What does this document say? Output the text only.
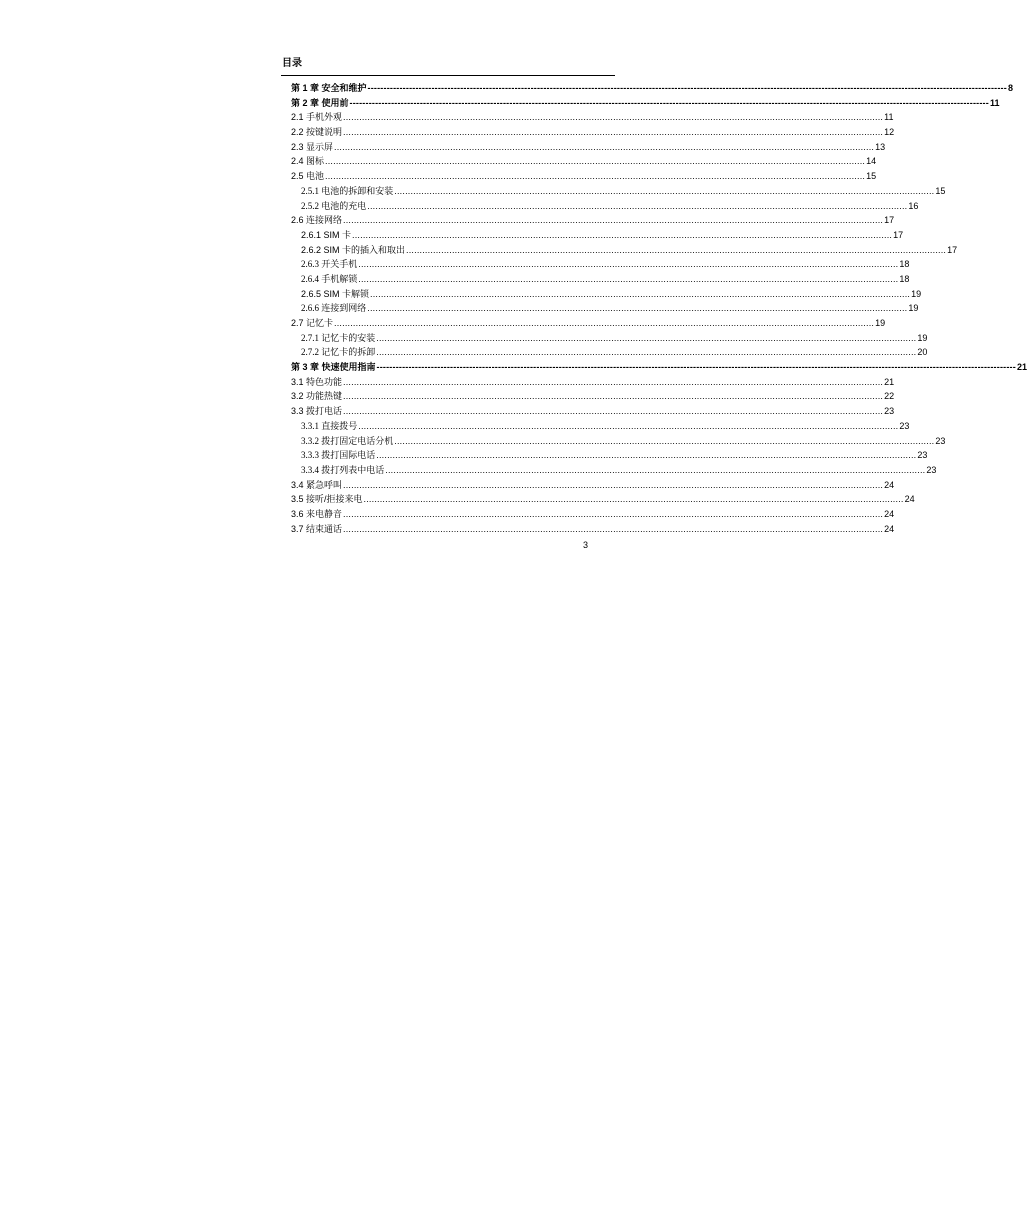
目录
第 1 章 安全和维护 -------------------------------------------------------------------------------------------------------------------------------------------------------------------------------------------------------- 8
第 2 章 使用前 -------------------------------------------------------------------------------------------------------------------------------------------------------------------------------------------------------- 11
2.1 手机外观 ........................................................................................................................................................................................................ 11
2.2 按键说明 ........................................................................................................................................................................................................ 12
2.3 显示屏 ........................................................................................................................................................................................................ 13
2.4 图标 ........................................................................................................................................................................................................ 14
2.5 电池 ........................................................................................................................................................................................................ 15
2.5.1 电池的拆卸和安装 ........................................................................................................................................................................................................ 15
2.5.2 电池的充电 ........................................................................................................................................................................................................ 16
2.6 连接网络 ........................................................................................................................................................................................................ 17
2.6.1 SIM 卡 ........................................................................................................................................................................................................ 17
2.6.2 SIM 卡的插入和取出 ........................................................................................................................................................................................................ 17
2.6.3 开关手机 ........................................................................................................................................................................................................ 18
2.6.4 手机解锁 ........................................................................................................................................................................................................ 18
2.6.5 SIM 卡解锁 ........................................................................................................................................................................................................ 19
2.6.6 连接到网络 ........................................................................................................................................................................................................ 19
2.7 记忆卡 ........................................................................................................................................................................................................ 19
2.7.1 记忆卡的安装 ........................................................................................................................................................................................................ 19
2.7.2 记忆卡的拆卸 ........................................................................................................................................................................................................ 20
第 3 章 快速使用指南 -------------------------------------------------------------------------------------------------------------------------------------------------------------------------------------------------------- 21
3.1 特色功能 ........................................................................................................................................................................................................ 21
3.2 功能热键 ........................................................................................................................................................................................................ 22
3.3 拨打电话 ........................................................................................................................................................................................................ 23
3.3.1 直接拨号 ........................................................................................................................................................................................................ 23
3.3.2 拨打固定电话分机 ........................................................................................................................................................................................................ 23
3.3.3 拨打国际电话 ........................................................................................................................................................................................................ 23
3.3.4 拨打列表中电话 ........................................................................................................................................................................................................ 23
3.4 紧急呼叫 ........................................................................................................................................................................................................ 24
3.5 接听/拒接来电 ........................................................................................................................................................................................................ 24
3.6 来电静音 ........................................................................................................................................................................................................ 24
3.7 结束通话 ........................................................................................................................................................................................................ 24
3
